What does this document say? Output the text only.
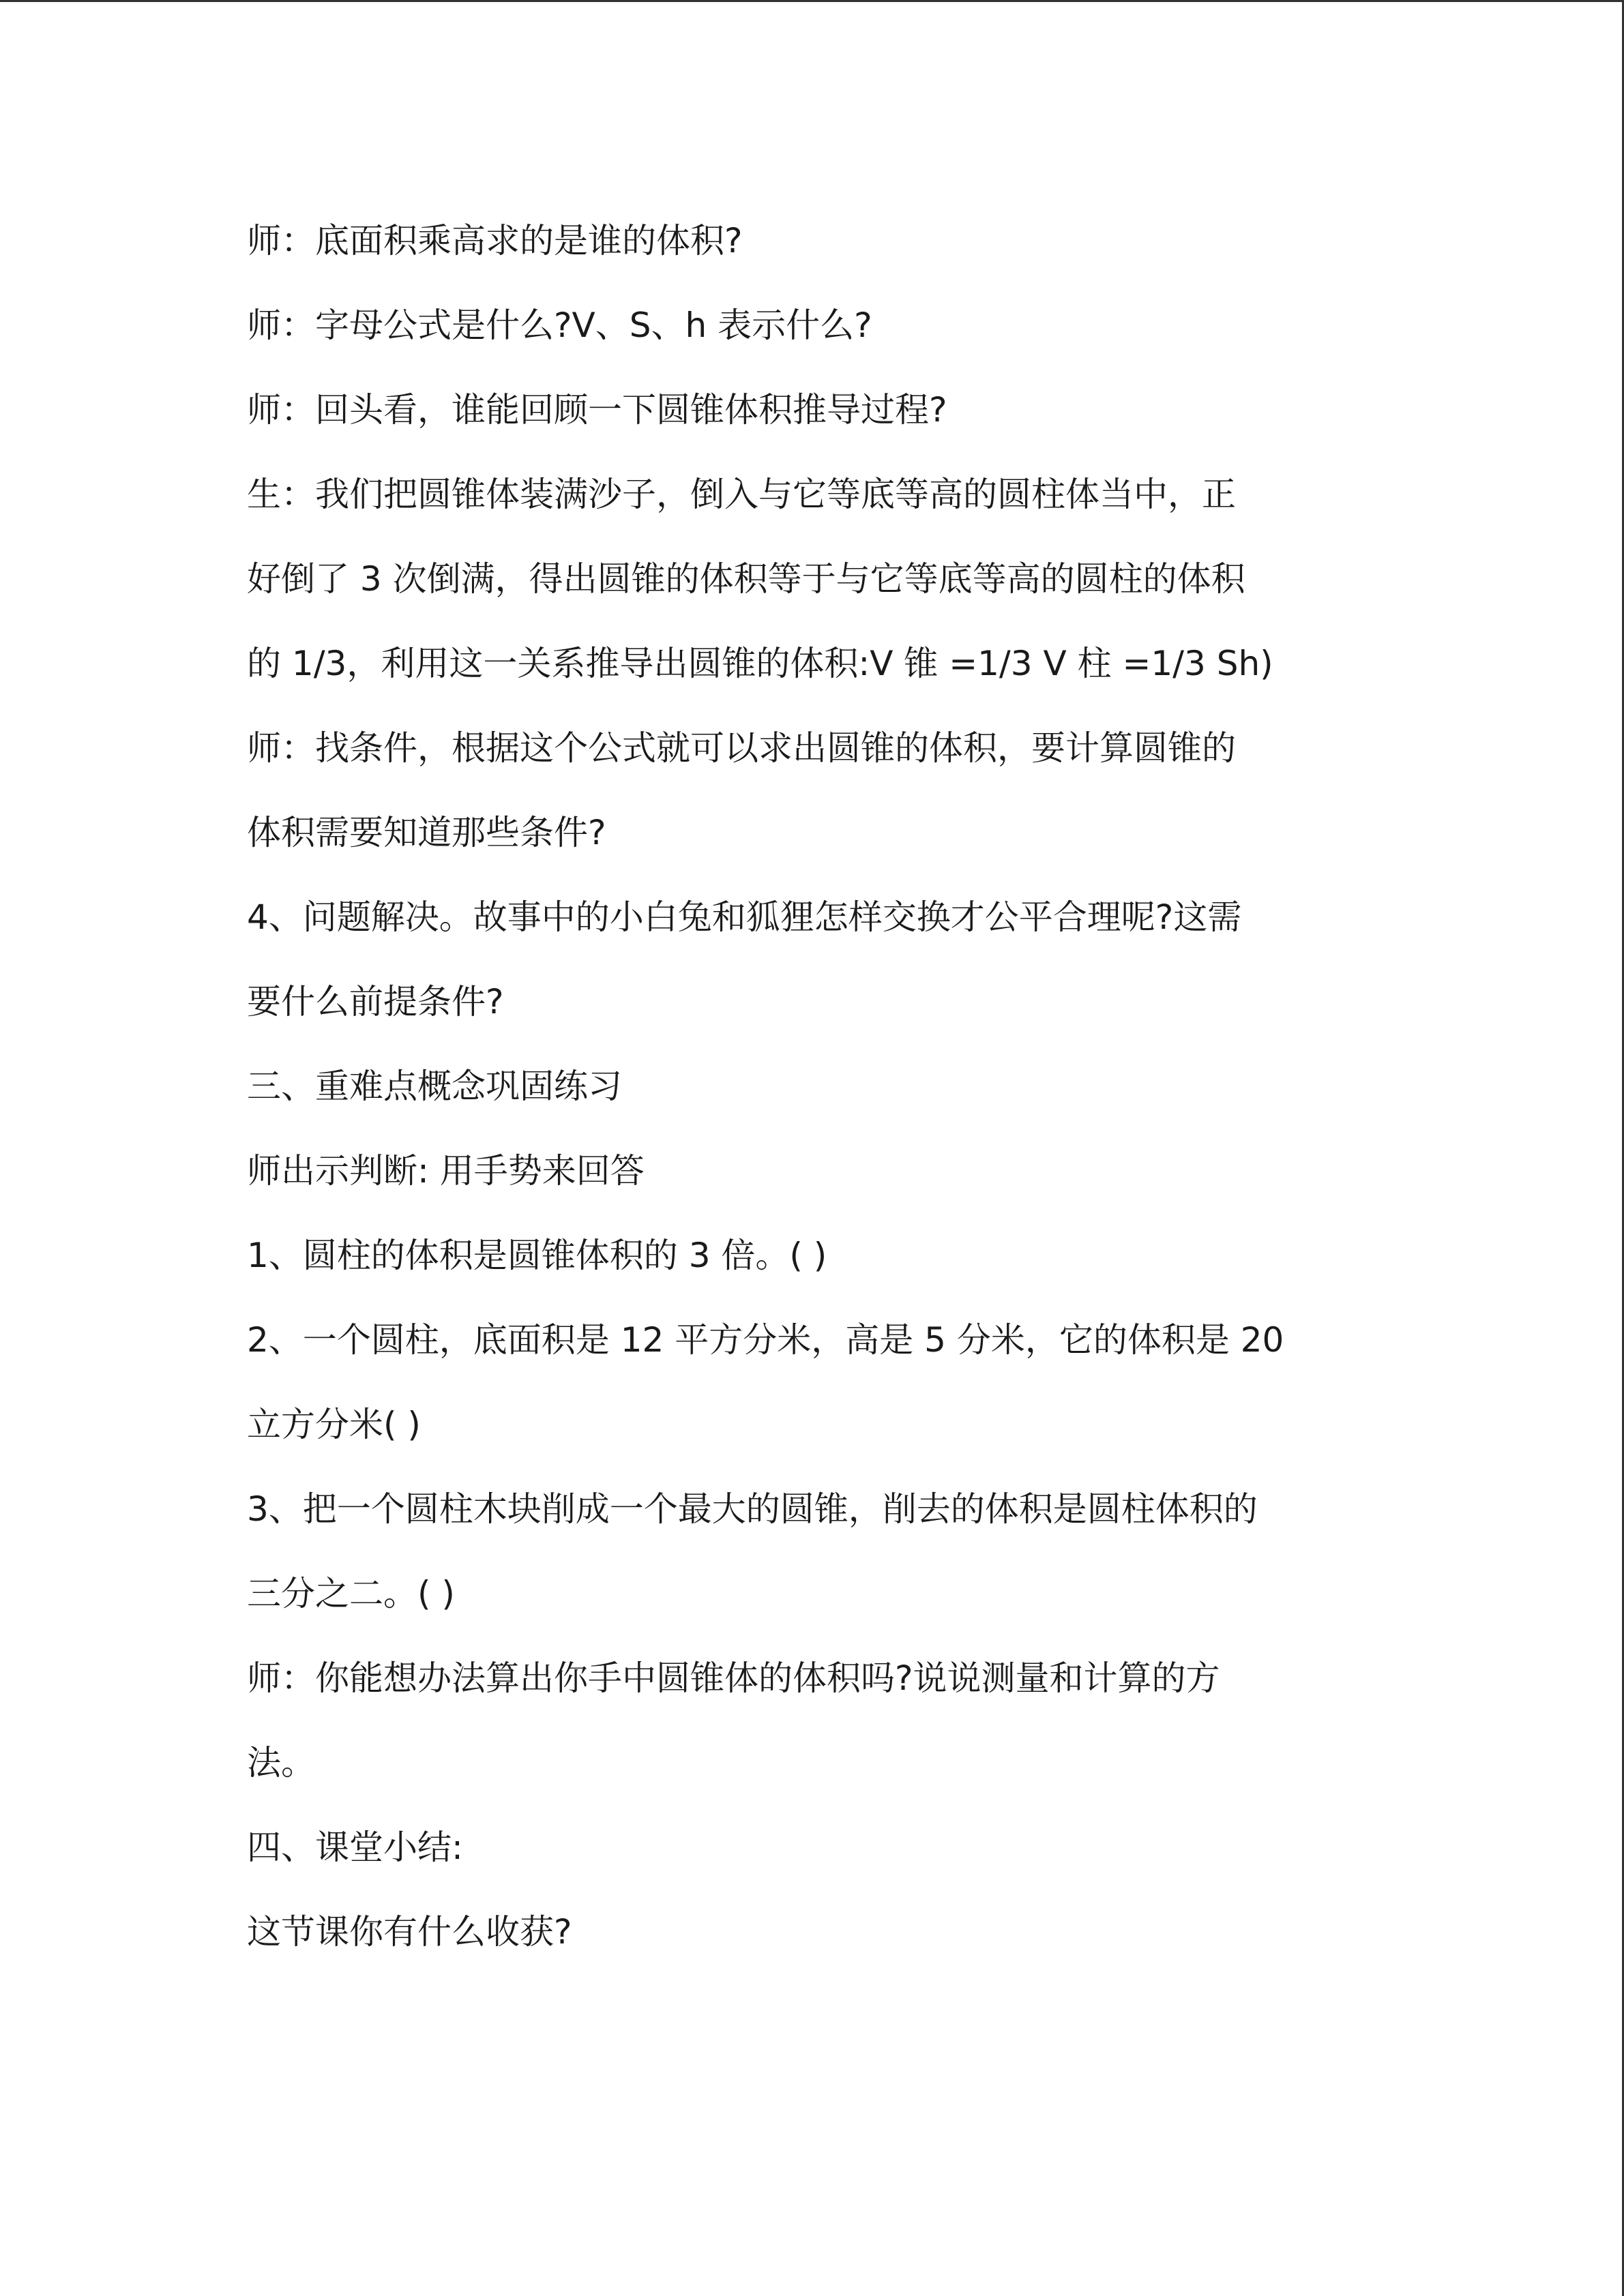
师：底面积乘高求的是谁的体积?
师：字母公式是什么?V、S、h 表示什么?
师：回头看，谁能回顾一下圆锥体积推导过程?
生：我们把圆锥体装满沙子，倒入与它等底等高的圆柱体当中，正
好倒了 3 次倒满，得出圆锥的体积等于与它等底等高的圆柱的体积
的 1/3，利用这一关系推导出圆锥的体积:V 锥 =1/3 V 柱 =1/3 Sh)
师：找条件，根据这个公式就可以求出圆锥的体积，要计算圆锥的
体积需要知道那些条件?
4、问题解决。故事中的小白兔和狐狸怎样交换才公平合理呢?这需
要什么前提条件?
三、重难点概念巩固练习
师出示判断: 用手势来回答
1、圆柱的体积是圆锥体积的 3 倍。( )
2、一个圆柱，底面积是 12 平方分米，高是 5 分米，它的体积是 20
立方分米( )
3、把一个圆柱木块削成一个最大的圆锥，削去的体积是圆柱体积的
三分之二。( )
师：你能想办法算出你手中圆锥体的体积吗?说说测量和计算的方
法。
四、课堂小结:
这节课你有什么收获?
